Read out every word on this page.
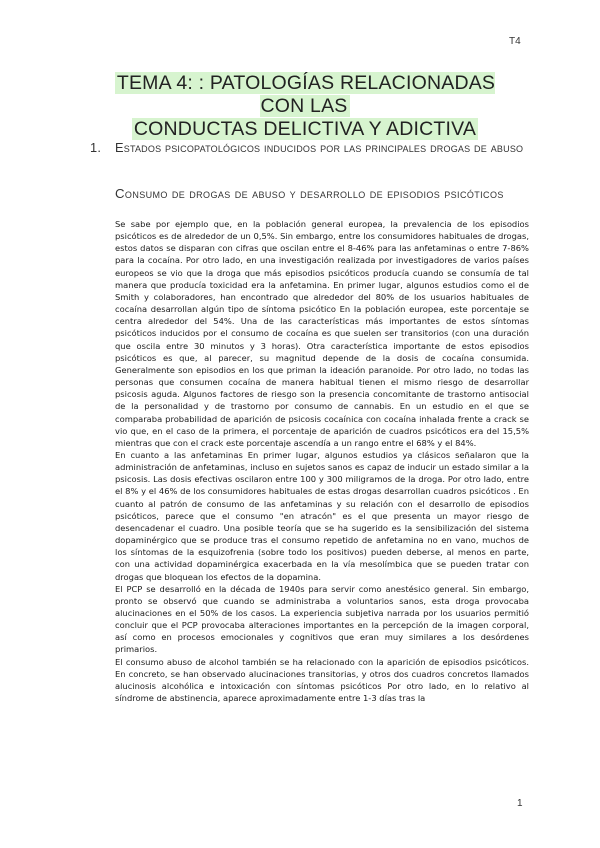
T4
TEMA 4: : PATOLOGÍAS RELACIONADAS CON LAS
CONDUCTAS DELICTIVA Y ADICTIVA
1. Estados psicopatológicos inducidos por las principales drogas de abuso
Consumo de drogas de abuso y desarrollo de episodios psicóticos

Se sabe por ejemplo que, en la población general europea, la prevalencia de los episodios psicóticos es de alrededor de un 0,5%. Sin embargo, entre los consumidores habituales de drogas, estos datos se disparan con cifras que oscilan entre el 8-46% para las anfetaminas o entre 7-86% para la cocaína. Por otro lado, en una investigación realizada por investigadores de varios países europeos se vio que la droga que más episodios psicóticos producía cuando se consumía de tal manera que producía toxicidad era la anfetamina. En primer lugar, algunos estudios como el de Smith y colaboradores, han encontrado que alrededor del 80% de los usuarios habituales de cocaína desarrollan algún tipo de síntoma psicótico En la población europea, este porcentaje se centra alrededor del 54%. Una de las características más importantes de estos síntomas psicóticos inducidos por el consumo de cocaína es que suelen ser transitorios (con una duración que oscila entre 30 minutos y 3 horas). Otra característica importante de estos episodios psicóticos es que, al parecer, su magnitud depende de la dosis de cocaína consumida. Generalmente son episodios en los que priman la ideación paranoide. Por otro lado, no todas las personas que consumen cocaína de manera habitual tienen el mismo riesgo de desarrollar psicosis aguda. Algunos factores de riesgo son la presencia concomitante de trastorno antisocial de la personalidad y de trastorno por consumo de cannabis. En un estudio en el que se comparaba probabilidad de aparición de psicosis cocaínica con cocaína inhalada frente a crack se vio que, en el caso de la primera, el porcentaje de aparición de cuadros psicóticos era del 15,5% mientras que con el crack este porcentaje ascendía a un rango entre el 68% y el 84%.

En cuanto a las anfetaminas En primer lugar, algunos estudios ya clásicos señalaron que la administración de anfetaminas, incluso en sujetos sanos es capaz de inducir un estado similar a la psicosis. Las dosis efectivas oscilaron entre 100 y 300 miligramos de la droga. Por otro lado, entre el 8% y el 46% de los consumidores habituales de estas drogas desarrollan cuadros psicóticos . En cuanto al patrón de consumo de las anfetaminas y su relación con el desarrollo de episodios psicóticos, parece que el consumo "en atracón" es el que presenta un mayor riesgo de desencadenar el cuadro. Una posible teoría que se ha sugerido es la sensibilización del sistema dopaminérgico que se produce tras el consumo repetido de anfetamina no en vano, muchos de los síntomas de la esquizofrenia (sobre todo los positivos) pueden deberse, al menos en parte, con una actividad dopaminérgica exacerbada en la vía mesolímbica que se pueden tratar con drogas que bloquean los efectos de la dopamina.

El PCP se desarrolló en la década de 1940s para servir como anestésico general. Sin embargo, pronto se observó que cuando se administraba a voluntarios sanos, esta droga provocaba alucinaciones en el 50% de los casos. La experiencia subjetiva narrada por los usuarios permitió concluir que el PCP provocaba alteraciones importantes en la percepción de la imagen corporal, así como en procesos emocionales y cognitivos que eran muy similares a los desórdenes primarios.

El consumo abuso de alcohol también se ha relacionado con la aparición de episodios psicóticos. En concreto, se han observado alucinaciones transitorias, y otros dos cuadros concretos llamados alucinosis alcohólica e intoxicación con síntomas psicóticos Por otro lado, en lo relativo al síndrome de abstinencia, aparece aproximadamente entre 1-3 días tras la

1
